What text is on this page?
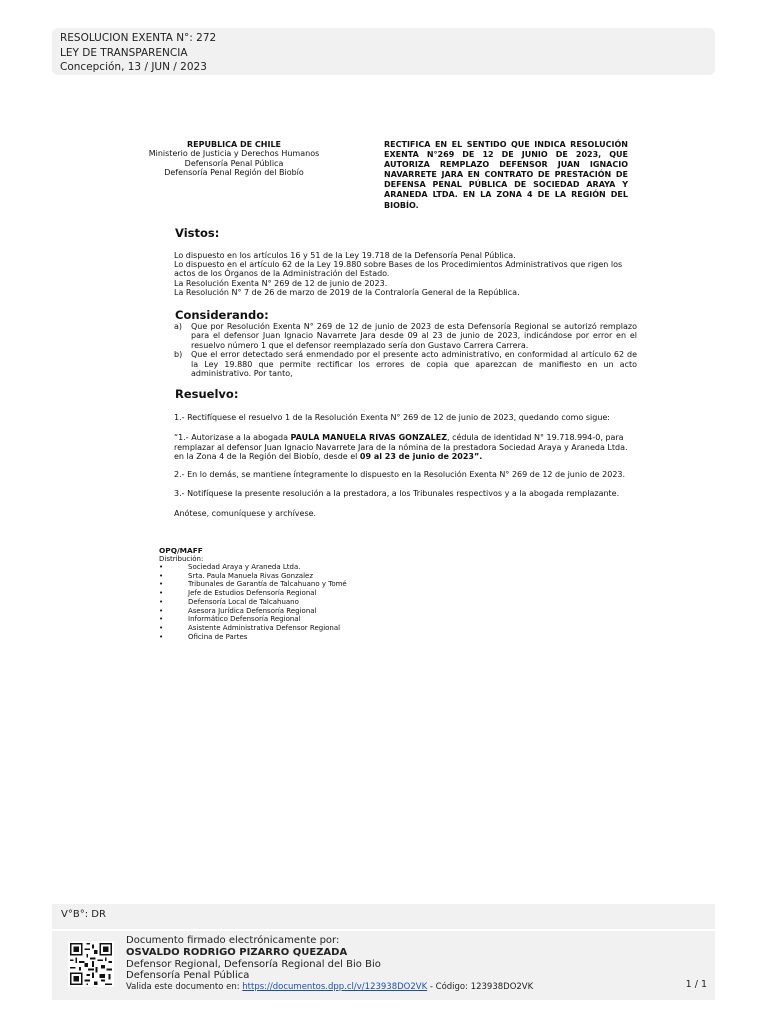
RESOLUCION EXENTA N°: 272
LEY DE TRANSPARENCIA
Concepción, 13 / JUN / 2023
REPUBLICA DE CHILE
Ministerio de Justicia y Derechos Humanos
Defensoría Penal Pública
Defensoría Penal Región del Biobío
RECTIFICA EN EL SENTIDO QUE INDICA RESOLUCIÓN EXENTA N°269 DE 12 DE JUNIO DE 2023, QUE AUTORIZA REMPLAZO DEFENSOR JUAN IGNACIO NAVARRETE JARA EN CONTRATO DE PRESTACIÓN DE DEFENSA PENAL PÚBLICA DE SOCIEDAD ARAYA Y ARANEDA LTDA. EN LA ZONA 4 DE LA REGIÓN DEL BIOBÍO.
Vistos:
Lo dispuesto en los artículos 16 y 51 de la Ley 19.718 de la Defensoría Penal Pública.
Lo dispuesto en el artículo 62 de la Ley 19.880 sobre Bases de los Procedimientos Administrativos que rigen los
actos de los Órganos de la Administración del Estado.
La Resolución Exenta N° 269 de 12 de junio de 2023.
La Resolución N° 7 de 26 de marzo de 2019 de la Contraloría General de la República.
Considerando:
a)	Que por Resolución Exenta N° 269 de 12 de junio de 2023 de esta Defensoría Regional se autorizó remplazo para el defensor Juan Ignacio Navarrete Jara desde 09 al 23 de junio de 2023, indicándose por error en el resuelvo número 1 que el defensor reemplazado sería don Gustavo Carrera Carrera.
b)	Que el error detectado será enmendado por el presente acto administrativo, en conformidad al artículo 62 de la Ley 19.880 que permite rectificar los errores de copia que aparezcan de manifiesto en un acto administrativo. Por tanto,
Resuelvo:
1.- Rectifíquese el resuelvo 1 de la Resolución Exenta N° 269 de 12 de junio de 2023, quedando como sigue:
“1.- Autorizase a la abogada PAULA MANUELA RIVAS GONZALEZ, cédula de identidad N° 19.718.994-0, para remplazar al defensor Juan Ignacio Navarrete Jara de la nómina de la prestadora Sociedad Araya y Araneda Ltda. en la Zona 4 de la Región del Biobío, desde el 09 al 23 de junio de 2023”.
2.- En lo demás, se mantiene íntegramente lo dispuesto en la Resolución Exenta N° 269 de 12 de junio de 2023.
3.- Notifíquese la presente resolución a la prestadora, a los Tribunales respectivos y a la abogada remplazante.
Anótese, comuníquese y archívese.
OPQ/MAFF
Distribución:
•	Sociedad Araya y Araneda Ltda.
•	Srta. Paula Manuela Rivas Gonzalez
•	Tribunales de Garantía de Talcahuano y Tomé
•	Jefe de Estudios Defensoría Regional
•	Defensoría Local de Talcahuano
•	Asesora Jurídica Defensoría Regional
•	Informático Defensoría Regional
•	Asistente Administrativa Defensor Regional
•	Oficina de Partes
V°B°: DR
Documento firmado electrónicamente por:
OSVALDO RODRIGO PIZARRO QUEZADA
Defensor Regional, Defensoría Regional del Bio Bio
Defensoría Penal Pública
Valida este documento en: https://documentos.dpp.cl/v/123938DO2VK - Código: 123938DO2VK	1 / 1
